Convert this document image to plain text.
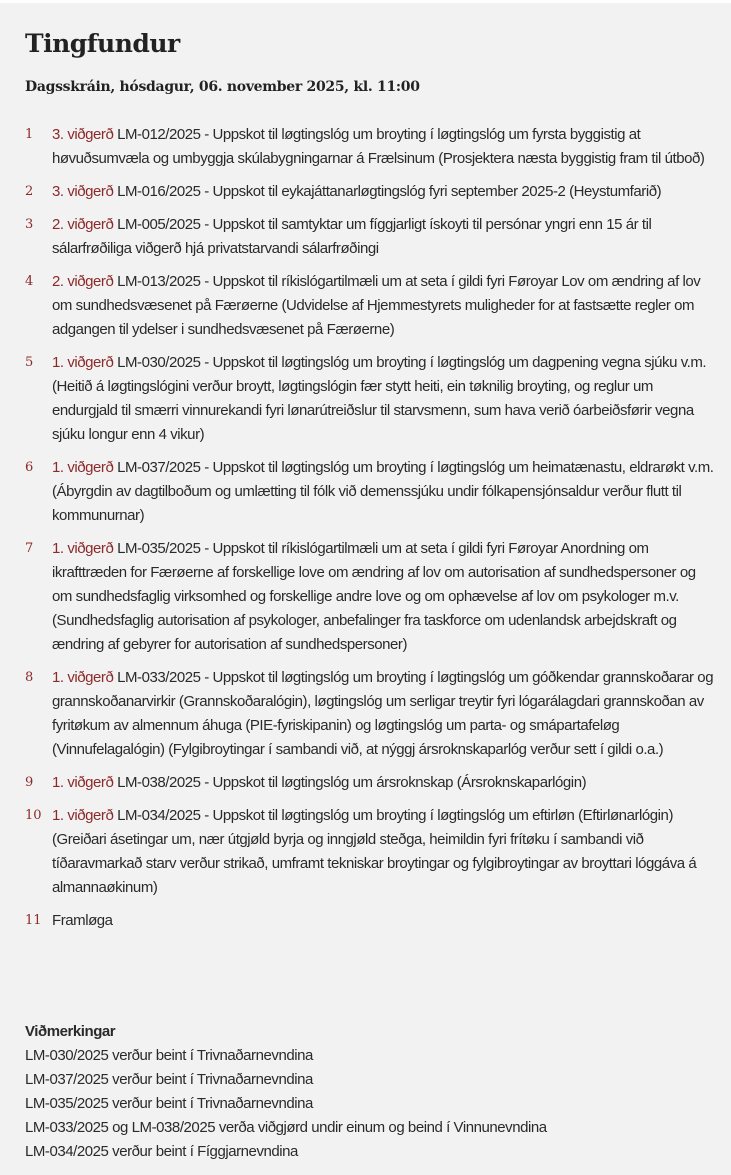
Tingfundur
Dagsskráin, hósdagur, 06. november 2025, kl. 11:00
1 3. viðgerð LM-012/2025 - Uppskot til løgtingslóg um broyting í løgtingslóg um fyrsta byggistig at høvuðsumvæla og umbyggja skúlabygningarnar á Frælsinum (Prosjektera næsta byggistig fram til útboð)
2 3. viðgerð LM-016/2025 - Uppskot til eykajáttanarløgtingslóg fyri september 2025-2 (Heystumfarið)
3 2. viðgerð LM-005/2025 - Uppskot til samtyktar um fíggjarligt ískoyti til persónar yngri enn 15 ár til sálarfrøðiliga viðgerð hjá privatstarvandi sálarfrøðingi
4 2. viðgerð LM-013/2025 - Uppskot til ríkislógartilmæli um at seta í gildi fyri Føroyar Lov om ændring af lov om sundhedsvæsenet på Færøerne (Udvidelse af Hjemmestyrets muligheder for at fastsætte regler om adgangen til ydelser i sundhedsvæsenet på Færøerne)
5 1. viðgerð LM-030/2025 - Uppskot til løgtingslóg um broyting í løgtingslóg um dagpening vegna sjúku v.m. (Heitið á løgtingslógini verður broytt, løgtingslógin fær stytt heiti, ein tøknilig broyting, og reglur um endurgjald til smærri vinnurekandi fyri lønarútreiðslur til starvsmenn, sum hava verið óarbeiðsførir vegna sjúku longur enn 4 vikur)
6 1. viðgerð LM-037/2025 - Uppskot til løgtingslóg um broyting í løgtingslóg um heimatænastu, eldrarøkt v.m. (Ábyrgdin av dagtilboðum og umlætting til fólk við demenssjúku undir fólkapensjónsaldur verður flutt til kommunurnar)
7 1. viðgerð LM-035/2025 - Uppskot til ríkislógartilmæli um at seta í gildi fyri Føroyar Anordning om ikrafttræden for Færøerne af forskellige love om ændring af lov om autorisation af sundhedspersoner og om sundhedsfaglig virksomhed og forskellige andre love og om ophævelse af lov om psykologer m.v. (Sundhedsfaglig autorisation af psykologer, anbefalinger fra taskforce om udenlandsk arbejdskraft og ændring af gebyrer for autorisation af sundhedspersoner)
8 1. viðgerð LM-033/2025 - Uppskot til løgtingslóg um broyting í løgtingslóg um góðkendar grannskoðarar og grannskoðanarvirkir (Grannskoðaralógin), løgtingslóg um serligar treytir fyri lógarálagdari grannskoðan av fyritøkum av almennum áhuga (PIE-fyriskipanin) og løgtingslóg um parta- og smápartafeløg (Vinnufelagalógin) (Fylgibroytingar í sambandi við, at nýggj ársroknskaparlóg verður sett í gildi o.a.)
9 1. viðgerð LM-038/2025 - Uppskot til løgtingslóg um ársroknskap (Ársroknskaparlógin)
10 1. viðgerð LM-034/2025 - Uppskot til løgtingslóg um broyting í løgtingslóg um eftirløn (Eftirlønarlógin) (Greiðari ásetingar um, nær útgjøld byrja og inngjøld steðga, heimildin fyri frítøku í sambandi við tíðaravmarkað starv verður strikað, umframt tekniskar broytingar og fylgibroytingar av broyttari lóggáva á almannaøkinum)
11 Framløga
Viðmerkingar

LM-030/2025 verður beint í Trivnaðarnevndina

LM-037/2025 verður beint í Trivnaðarnevndina

LM-035/2025 verður beint í Trivnaðarnevndina

LM-033/2025 og LM-038/2025 verða viðgjørd undir einum og beind í Vinnunevndina

LM-034/2025 verður beint í Fíggjarnevndina
